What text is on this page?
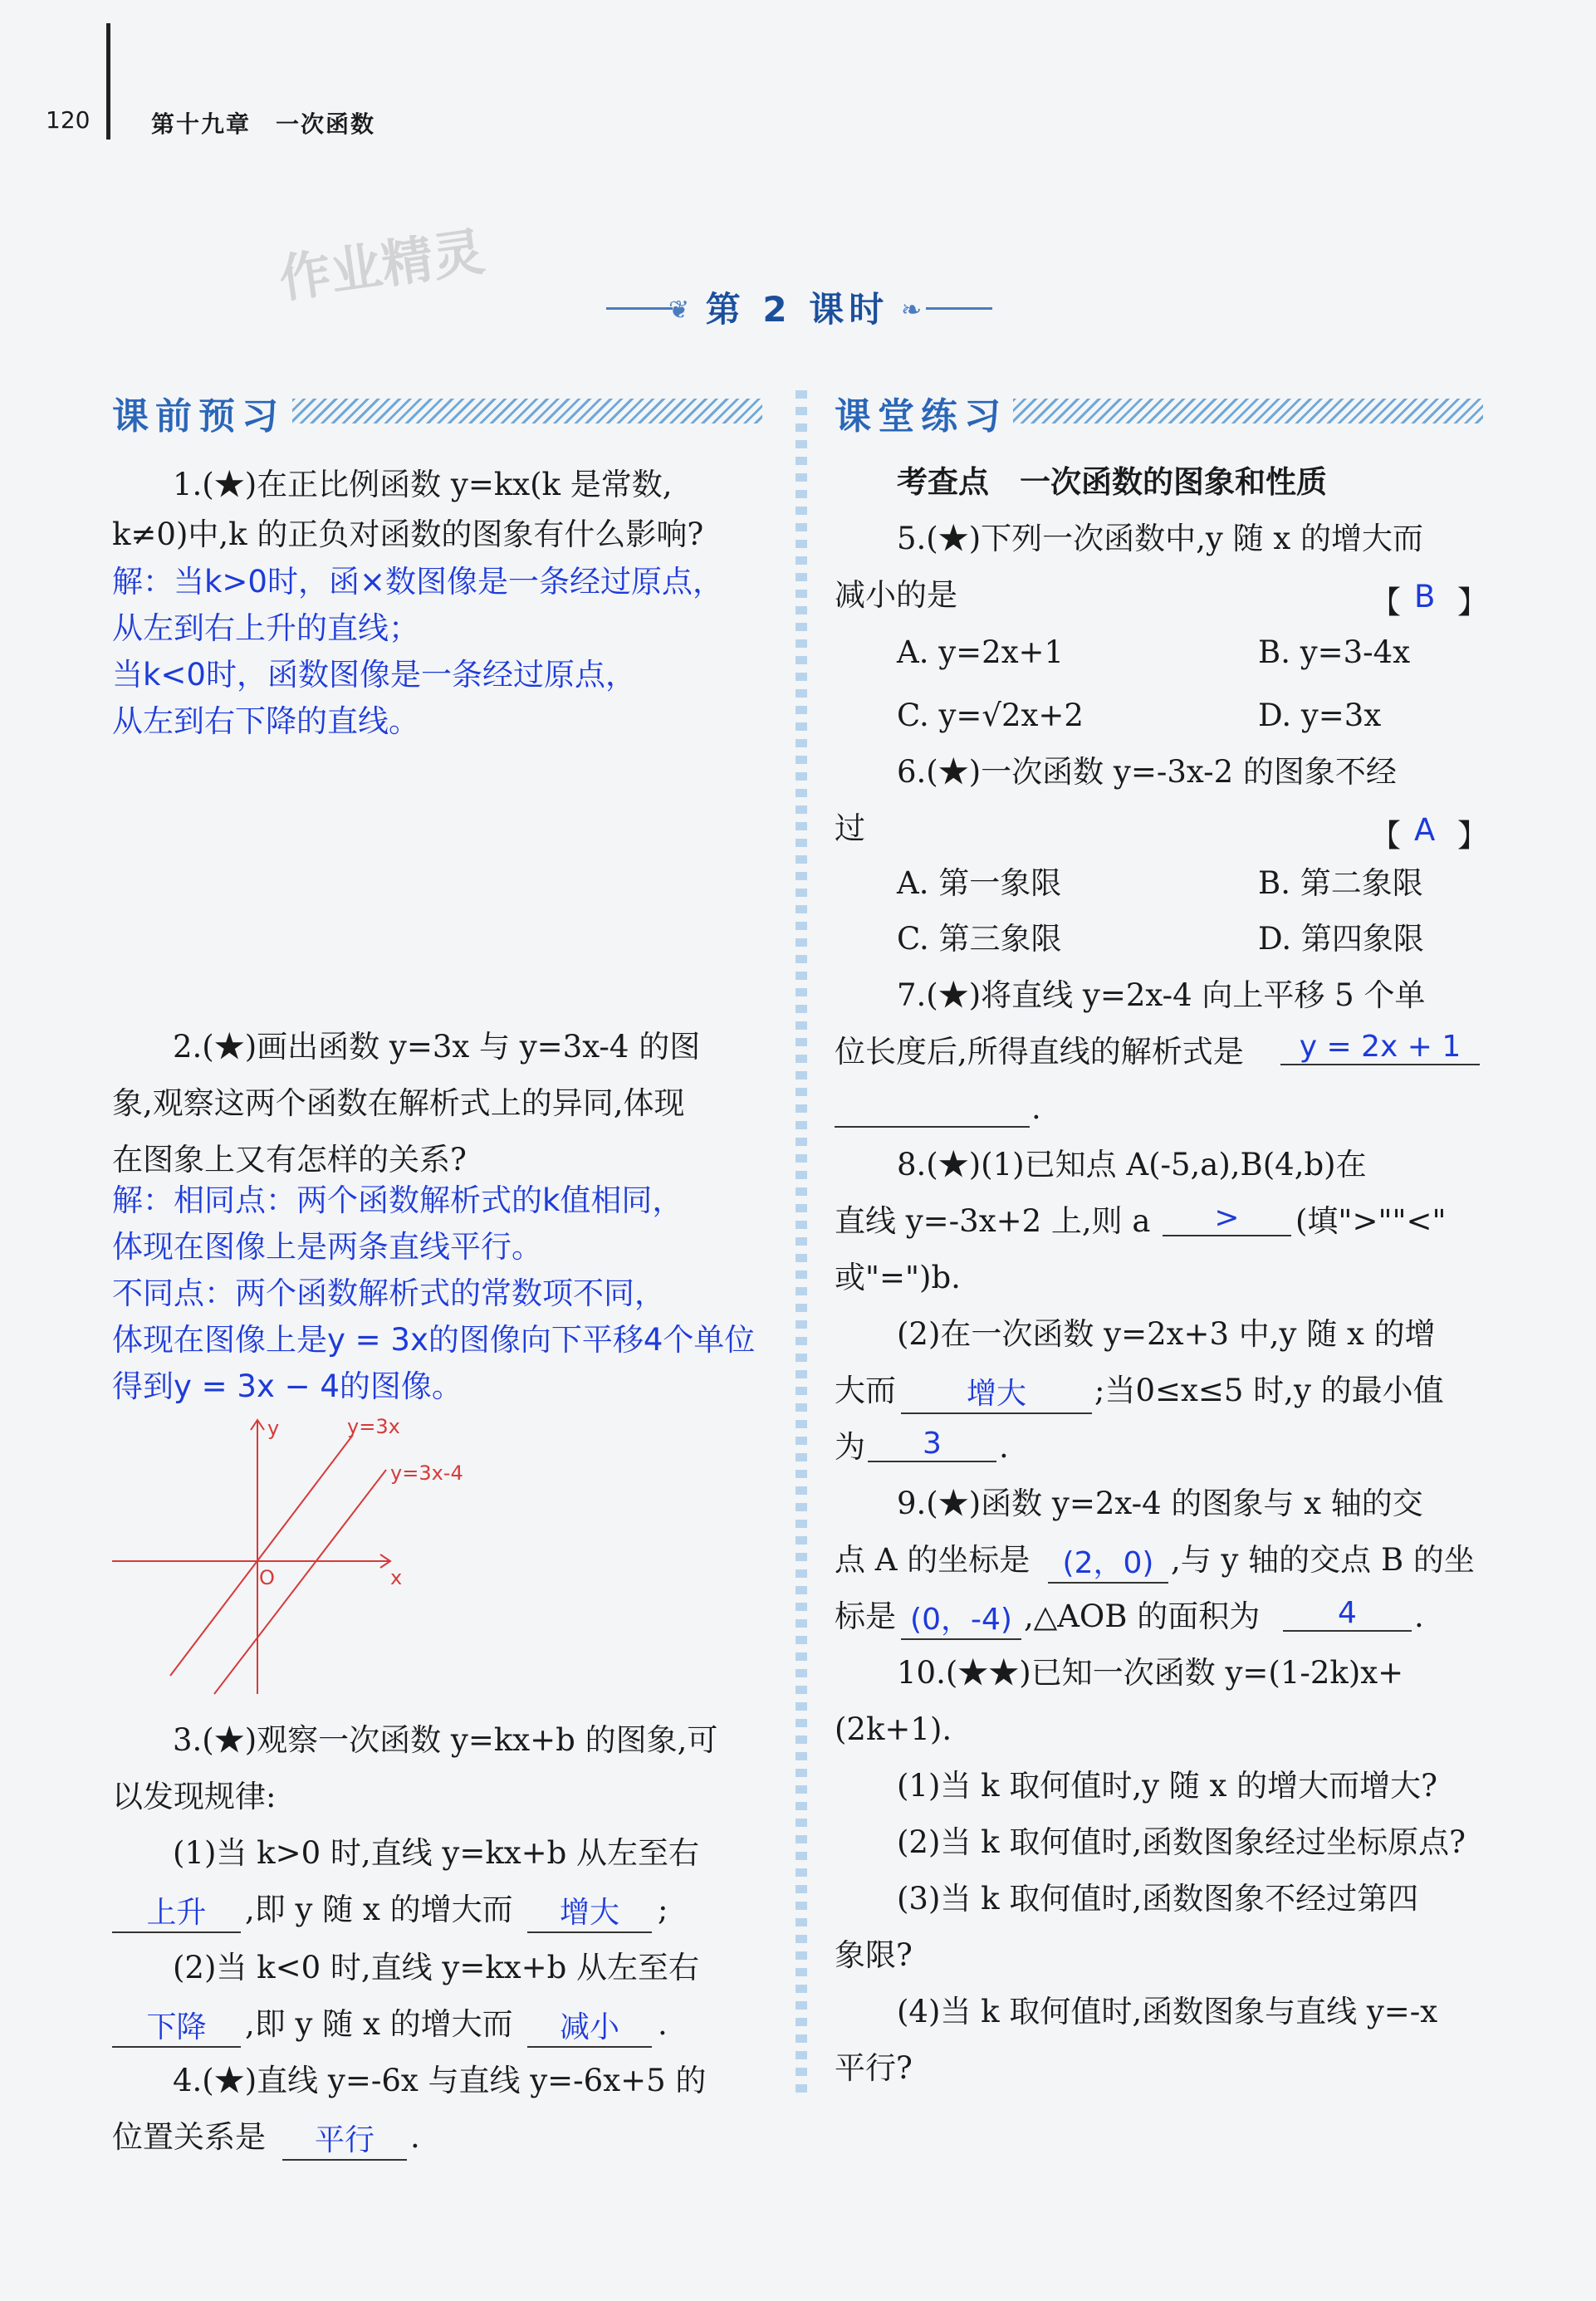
120	第十九章　一次函数
作业精灵
❦ 第 2 课时 ❧
课前预习
1.(★)在正比例函数 y=kx(k 是常数,
k≠0)中,k 的正负对函数的图象有什么影响?
解：当k>0时，函×数图像是一条经过原点，
从左到右上升的直线；
当k<0时，函数图像是一条经过原点，
从左到右下降的直线。
2.(★)画出函数 y=3x 与 y=3x-4 的图
象,观察这两个函数在解析式上的异同,体现
在图象上又有怎样的关系?
解：相同点：两个函数解析式的k值相同，
体现在图像上是两条直线平行。
不同点：两个函数解析式的常数项不同，
体现在图像上是y = 3x的图像向下平移4个单位
得到y = 3x − 4的图像。
y
x
O
y=3x
y=3x-4
3.(★)观察一次函数 y=kx+b 的图象,可
以发现规律:
(1)当 k>0 时,直线 y=kx+b 从左至右
上升	,即 y 随 x 的增大而	增大	;
(2)当 k<0 时,直线 y=kx+b 从左至右
下降	,即 y 随 x 的增大而	减小	.
4.(★)直线 y=-6x 与直线 y=-6x+5 的
位置关系是	平行	.
课堂练习
考查点　一次函数的图象和性质
5.(★)下列一次函数中,y 随 x 的增大而
减小的是	【 B 】
A. y=2x+1	B. y=3-4x
C. y=√2x+2	D. y=3x
6.(★)一次函数 y=-3x-2 的图象不经
过	【 A 】
A. 第一象限	B. 第二象限
C. 第三象限	D. 第四象限
7.(★)将直线 y=2x-4 向上平移 5 个单
位长度后,所得直线的解析式是	y = 2x + 1
.
8.(★)(1)已知点 A(-5,a),B(4,b)在
直线 y=-3x+2 上,则 a	>	(填">""<"
或"=")b.
(2)在一次函数 y=2x+3 中,y 随 x 的增
大而	增大	;当0≤x≤5 时,y 的最小值
为	3	.
9.(★)函数 y=2x-4 的图象与 x 轴的交
点 A 的坐标是	(2，0) ,与 y 轴的交点 B 的坐
标是 (0，-4) ,△AOB 的面积为	4	.
10.(★★)已知一次函数 y=(1-2k)x+
(2k+1).
(1)当 k 取何值时,y 随 x 的增大而增大?
(2)当 k 取何值时,函数图象经过坐标原点?
(3)当 k 取何值时,函数图象不经过第四
象限?
(4)当 k 取何值时,函数图象与直线 y=-x
平行?
